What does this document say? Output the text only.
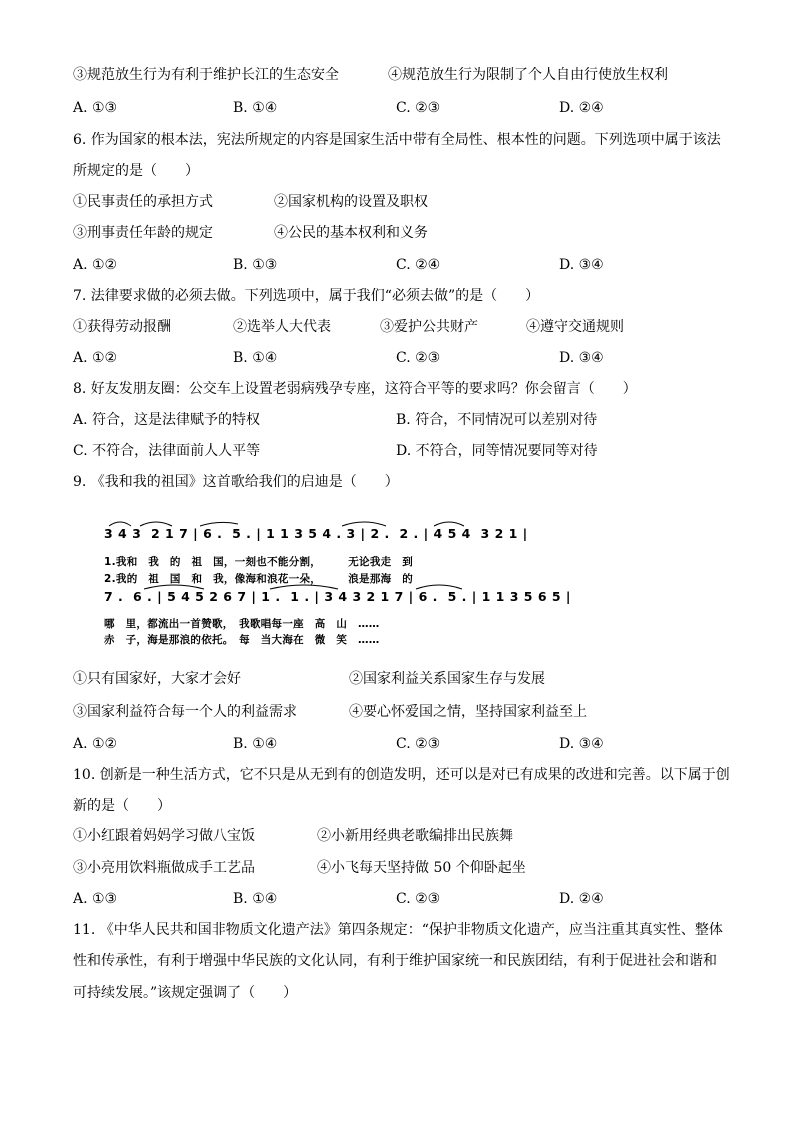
③规范放生行为有利于维护长江的生态安全	④规范放生行为限制了个人自由行使放生权利
A. ①③	B. ①④	C. ②③	D. ②④
6. 作为国家的根本法，宪法所规定的内容是国家生活中带有全局性、根本性的问题。下列选项中属于该法
所规定的是（　　）
①民事责任的承担方式	②国家机构的设置及职权
③刑事责任年龄的规定	④公民的基本权利和义务
A. ①②	B. ①③	C. ②④	D. ③④
7. 法律要求做的必须去做。下列选项中，属于我们“必须去做”的是（　　）
①获得劳动报酬	②选举人大代表	③爱护公共财产	④遵守交通规则
A. ①②	B. ①④	C. ②③	D. ③④
8. 好友发朋友圈：公交车上设置老弱病残孕专座，这符合平等的要求吗？你会留言（　　）
A. 符合，这是法律赋予的特权	B. 符合，不同情况可以差别对待
C. 不符合，法律面前人人平等	D. 不符合，同等情况要同等对待
9. 《我和我的祖国》这首歌给我们的启迪是（　　）
3 4 3  2 1 7 | 6 .  5 . | 1 1 3 5 4 . 3 | 2 .  2 . | 4 5 4  3 2 1 |
1.我和　我　的　祖　国，一刻也不能分割，　　　无论我走　到
2.我的　祖　国　和　我，像海和浪花一朵，　　　浪是那海　的
7 .  6 . | 5 4 5 2 6 7 | 1 .  1 . | 3 4 3 2 1 7 | 6 .  5 . | 1 1 3 5 6 5 |
哪　里，都流出一首赞歌，　我歌唱每一座　高　山　……
赤　子，海是那浪的依托。　每　当大海在　微　笑　……
①只有国家好，大家才会好	②国家利益关系国家生存与发展
③国家利益符合每一个人的利益需求	④要心怀爱国之情，坚持国家利益至上
A. ①②	B. ①④	C. ②③	D. ③④
10. 创新是一种生活方式，它不只是从无到有的创造发明，还可以是对已有成果的改进和完善。以下属于创
新的是（　　）
①小红跟着妈妈学习做八宝饭	②小新用经典老歌编排出民族舞
③小亮用饮料瓶做成手工艺品	④小飞每天坚持做 50 个仰卧起坐
A. ①③	B. ①④	C. ②③	D. ②④
11. 《中华人民共和国非物质文化遗产法》第四条规定：“保护非物质文化遗产，应当注重其真实性、整体
性和传承性，有利于增强中华民族的文化认同，有利于维护国家统一和民族团结，有利于促进社会和谐和
可持续发展。”该规定强调了（　　）
